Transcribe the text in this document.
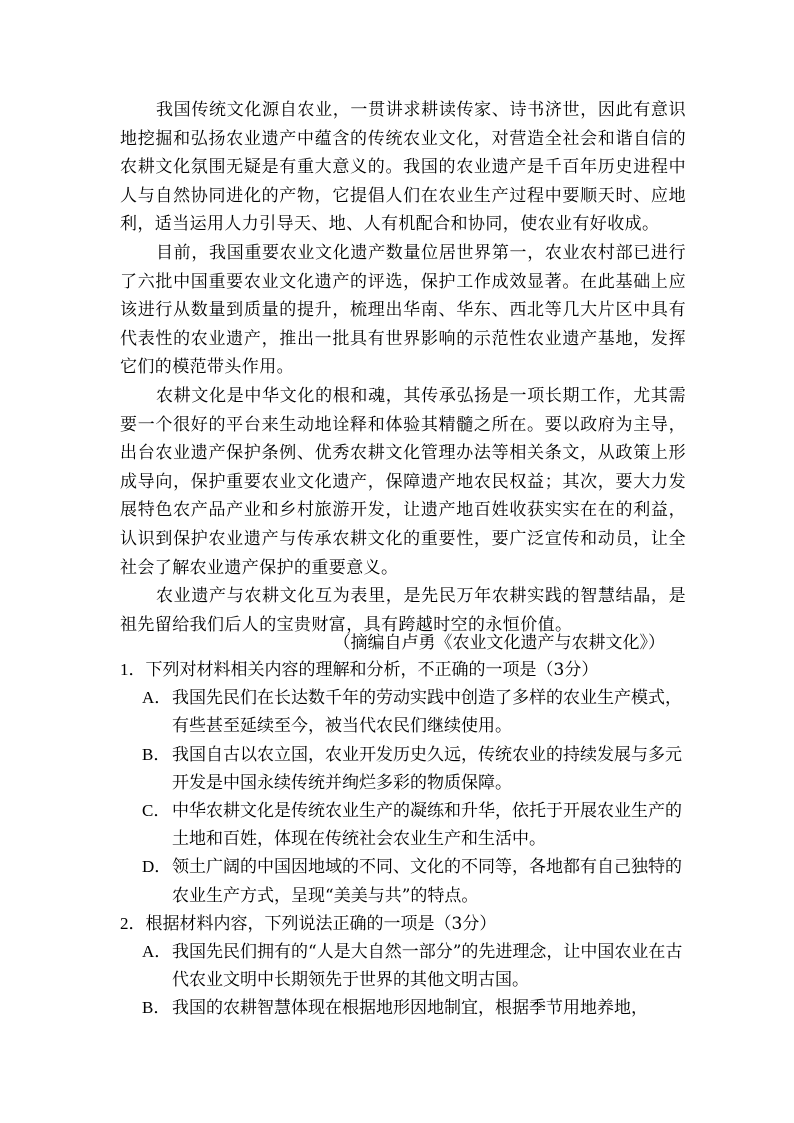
我国传统文化源自农业，一贯讲求耕读传家、诗书济世，因此有意识地挖掘和弘扬农业遗产中蕴含的传统农业文化，对营造全社会和谐自信的农耕文化氛围无疑是有重大意义的。我国的农业遗产是千百年历史进程中人与自然协同进化的产物，它提倡人们在农业生产过程中要顺天时、应地利，适当运用人力引导天、地、人有机配合和协同，使农业有好收成。

目前，我国重要农业文化遗产数量位居世界第一，农业农村部已进行了六批中国重要农业文化遗产的评选，保护工作成效显著。在此基础上应该进行从数量到质量的提升，梳理出华南、华东、西北等几大片区中具有代表性的农业遗产，推出一批具有世界影响的示范性农业遗产基地，发挥它们的模范带头作用。

农耕文化是中华文化的根和魂，其传承弘扬是一项长期工作，尤其需要一个很好的平台来生动地诠释和体验其精髓之所在。要以政府为主导，出台农业遗产保护条例、优秀农耕文化管理办法等相关条文，从政策上形成导向，保护重要农业文化遗产，保障遗产地农民权益；其次，要大力发展特色农产品产业和乡村旅游开发，让遗产地百姓收获实实在在的利益，认识到保护农业遗产与传承农耕文化的重要性，要广泛宣传和动员，让全社会了解农业遗产保护的重要意义。

农业遗产与农耕文化互为表里，是先民万年农耕实践的智慧结晶，是祖先留给我们后人的宝贵财富，具有跨越时空的永恒价值。

（摘编自卢勇《农业文化遗产与农耕文化》）

1．下列对材料相关内容的理解和分析，不正确的一项是（3分）

A．我国先民们在长达数千年的劳动实践中创造了多样的农业生产模式，有些甚至延续至今，被当代农民们继续使用。

B．我国自古以农立国，农业开发历史久远，传统农业的持续发展与多元开发是中国永续传统并绚烂多彩的物质保障。

C．中华农耕文化是传统农业生产的凝练和升华，依托于开展农业生产的土地和百姓，体现在传统社会农业生产和生活中。

D．领土广阔的中国因地域的不同、文化的不同等，各地都有自己独特的农业生产方式，呈现“美美与共”的特点。

2．根据材料内容，下列说法正确的一项是（3分）

A．我国先民们拥有的“人是大自然一部分”的先进理念，让中国农业在古代农业文明中长期领先于世界的其他文明古国。

B．我国的农耕智慧体现在根据地形因地制宜，根据季节用地养地，
